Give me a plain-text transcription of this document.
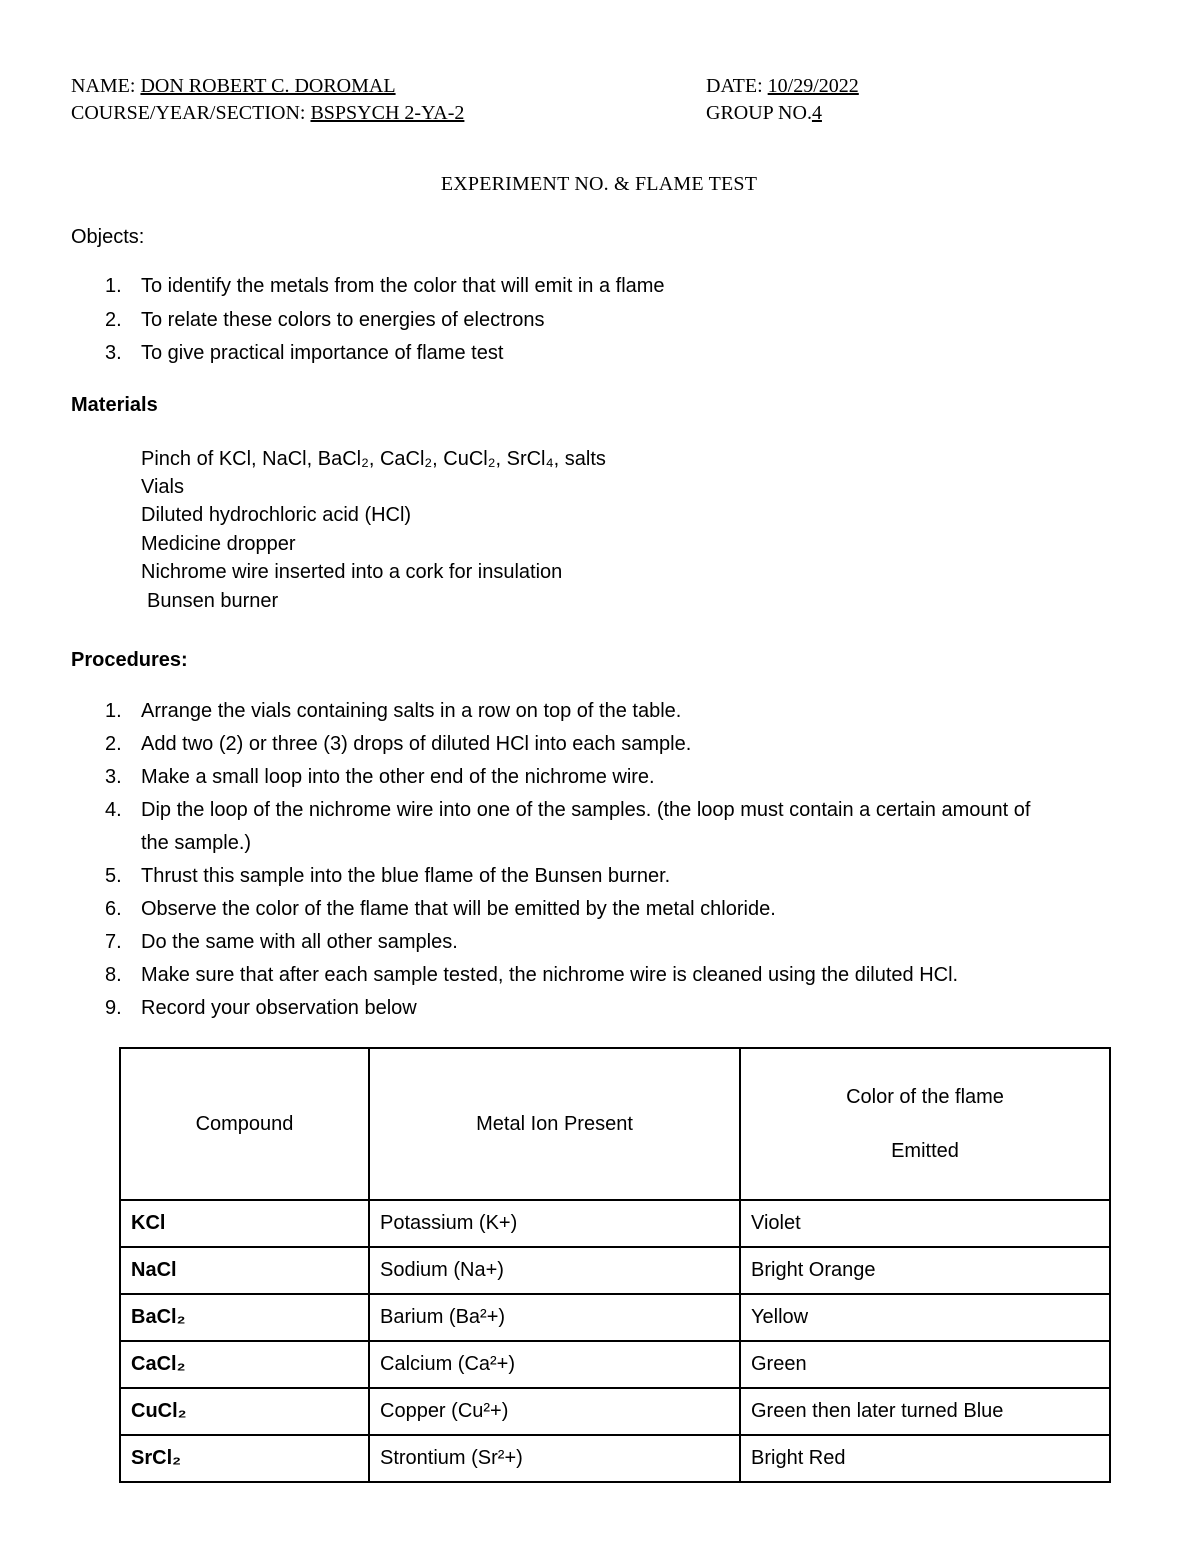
NAME: DON ROBERT C. DOROMAL	DATE: 10/29/2022
COURSE/YEAR/SECTION: BSPSYCH 2-YA-2	GROUP NO.4
EXPERIMENT NO. & FLAME TEST
Objects:
1. To identify the metals from the color that will emit in a flame
2. To relate these colors to energies of electrons
3. To give practical importance of flame test
Materials
Pinch of KCl, NaCl, BaCl₂, CaCl₂, CuCl₂, SrCl₄, salts
Vials
Diluted hydrochloric acid (HCl)
Medicine dropper
Nichrome wire inserted into a cork for insulation
Bunsen burner
Procedures:
1. Arrange the vials containing salts in a row on top of the table.
2. Add two (2) or three (3) drops of diluted HCl into each sample.
3. Make a small loop into the other end of the nichrome wire.
4. Dip the loop of the nichrome wire into one of the samples. (the loop must contain a certain amount of
the sample.)
5. Thrust this sample into the blue flame of the Bunsen burner.
6. Observe the color of the flame that will be emitted by the metal chloride.
7. Do the same with all other samples.
8. Make sure that after each sample tested, the nichrome wire is cleaned using the diluted HCl.
9. Record your observation below
Compound	Metal Ion Present	Color of the flame
Emitted
KCl	Potassium (K+)	Violet
NaCl	Sodium (Na+)	Bright Orange
BaCl₂	Barium (Ba²+)	Yellow
CaCl₂	Calcium (Ca²+)	Green
CuCl₂	Copper (Cu²+)	Green then later turned Blue
SrCl₂	Strontium (Sr²+)	Bright Red
